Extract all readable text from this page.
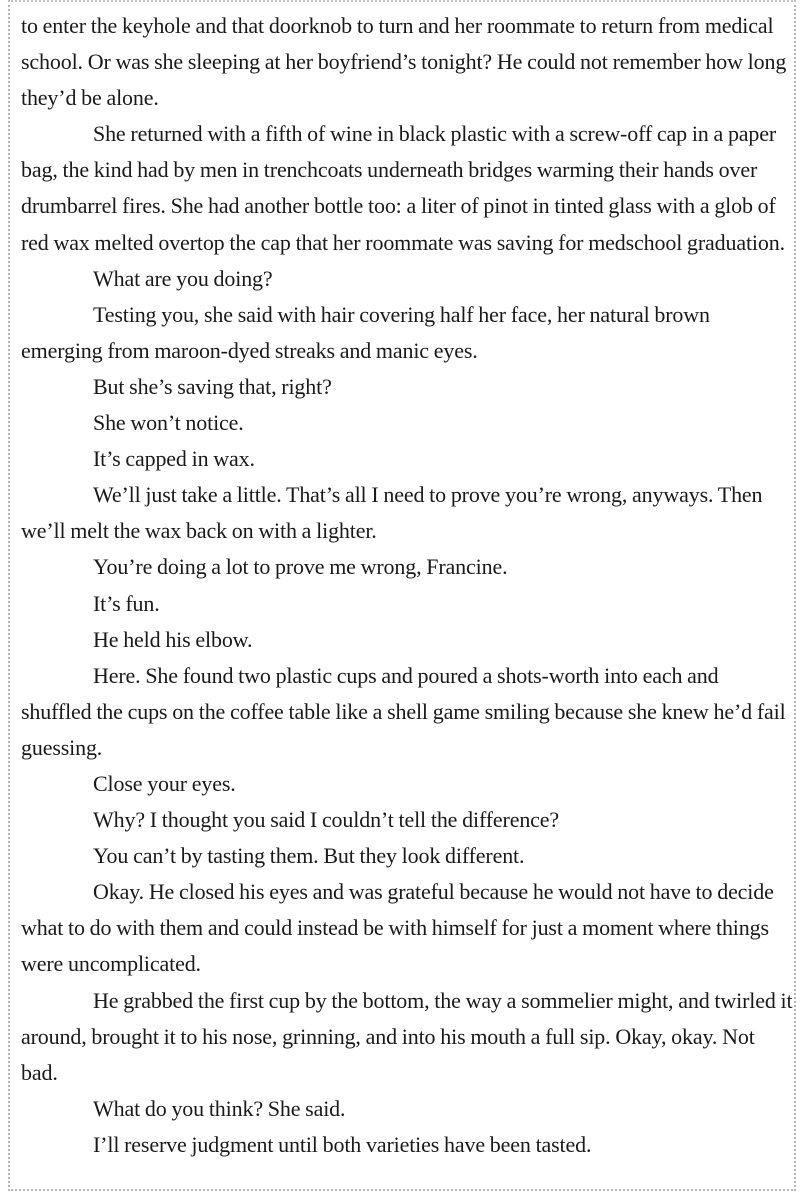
to enter the keyhole and that doorknob to turn and her roommate to return from medical school. Or was she sleeping at her boyfriend’s tonight? He could not remember how long they’d be alone.

She returned with a fifth of wine in black plastic with a screw-off cap in a paper bag, the kind had by men in trenchcoats underneath bridges warming their hands over drumbarrel fires. She had another bottle too: a liter of pinot in tinted glass with a glob of red wax melted overtop the cap that her roommate was saving for medschool graduation.

What are you doing?

Testing you, she said with hair covering half her face, her natural brown emerging from maroon-dyed streaks and manic eyes.

But she’s saving that, right?

She won’t notice.

It’s capped in wax.

We’ll just take a little. That’s all I need to prove you’re wrong, anyways. Then we’ll melt the wax back on with a lighter.

You’re doing a lot to prove me wrong, Francine.

It’s fun.

He held his elbow.

Here. She found two plastic cups and poured a shots-worth into each and shuffled the cups on the coffee table like a shell game smiling because she knew he’d fail guessing.

Close your eyes.

Why? I thought you said I couldn’t tell the difference?

You can’t by tasting them. But they look different.

Okay. He closed his eyes and was grateful because he would not have to decide what to do with them and could instead be with himself for just a moment where things were uncomplicated.

He grabbed the first cup by the bottom, the way a sommelier might, and twirled it around, brought it to his nose, grinning, and into his mouth a full sip. Okay, okay. Not bad.

What do you think? She said.

I’ll reserve judgment until both varieties have been tasted.
